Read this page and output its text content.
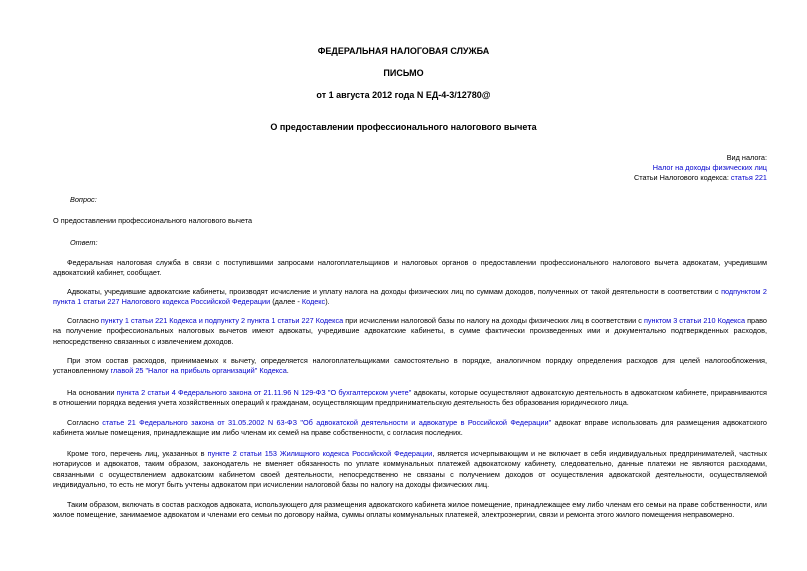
ФЕДЕРАЛЬНАЯ НАЛОГОВАЯ СЛУЖБА
ПИСЬМО
от 1 августа 2012 года N ЕД-4-3/12780@
О предоставлении профессионального налогового вычета
Вид налога:
Налог на доходы физических лиц
Статьи Налогового кодекса: статья 221
Вопрос:
О предоставлении профессионального налогового вычета
Ответ:
Федеральная налоговая служба в связи с поступившими запросами налогоплательщиков и налоговых органов о предоставлении профессионального налогового вычета адвокатам, учредившим адвокатский кабинет, сообщает.
Адвокаты, учредившие адвокатские кабинеты, производят исчисление и уплату налога на доходы физических лиц по суммам доходов, полученных от такой деятельности в соответствии с подпунктом 2 пункта 1 статьи 227 Налогового кодекса Российской Федерации (далее - Кодекс).
Согласно пункту 1 статьи 221 Кодекса и подпункту 2 пункта 1 статьи 227 Кодекса при исчислении налоговой базы по налогу на доходы физических лиц в соответствии с пунктом 3 статьи 210 Кодекса право на получение профессиональных налоговых вычетов имеют адвокаты, учредившие адвокатские кабинеты, в сумме фактически произведенных ими и документально подтвержденных расходов, непосредственно связанных с извлечением доходов.
При этом состав расходов, принимаемых к вычету, определяется налогоплательщиками самостоятельно в порядке, аналогичном порядку определения расходов для целей налогообложения, установленному главой 25 "Налог на прибыль организаций" Кодекса.
На основании пункта 2 статьи 4 Федерального закона от 21.11.96 N 129-ФЗ "О бухгалтерском учете" адвокаты, которые осуществляют адвокатскую деятельность в адвокатском кабинете, приравниваются в отношении порядка ведения учета хозяйственных операций к гражданам, осуществляющим предпринимательскую деятельность без образования юридического лица.
Согласно статье 21 Федерального закона от 31.05.2002 N 63-ФЗ "Об адвокатской деятельности и адвокатуре в Российской Федерации" адвокат вправе использовать для размещения адвокатского кабинета жилые помещения, принадлежащие им либо членам их семей на праве собственности, с согласия последних.
Кроме того, перечень лиц, указанных в пункте 2 статьи 153 Жилищного кодекса Российской Федерации, является исчерпывающим и не включает в себя индивидуальных предпринимателей, частных нотариусов и адвокатов, таким образом, законодатель не вменяет обязанность по уплате коммунальных платежей адвокатскому кабинету, следовательно, данные платежи не являются расходами, связанными с осуществлением адвокатским кабинетом своей деятельности, непосредственно не связаны с получением доходов от осуществления адвокатской деятельности, осуществляемой индивидуально, то есть не могут быть учтены адвокатом при исчислении налоговой базы по налогу на доходы физических лиц.
Таким образом, включать в состав расходов адвоката, использующего для размещения адвокатского кабинета жилое помещение, принадлежащее ему либо членам его семьи на праве собственности, или жилое помещение, занимаемое адвокатом и членами его семьи по договору найма, суммы оплаты коммунальных платежей, электроэнергии, связи и ремонта этого жилого помещения неправомерно.
